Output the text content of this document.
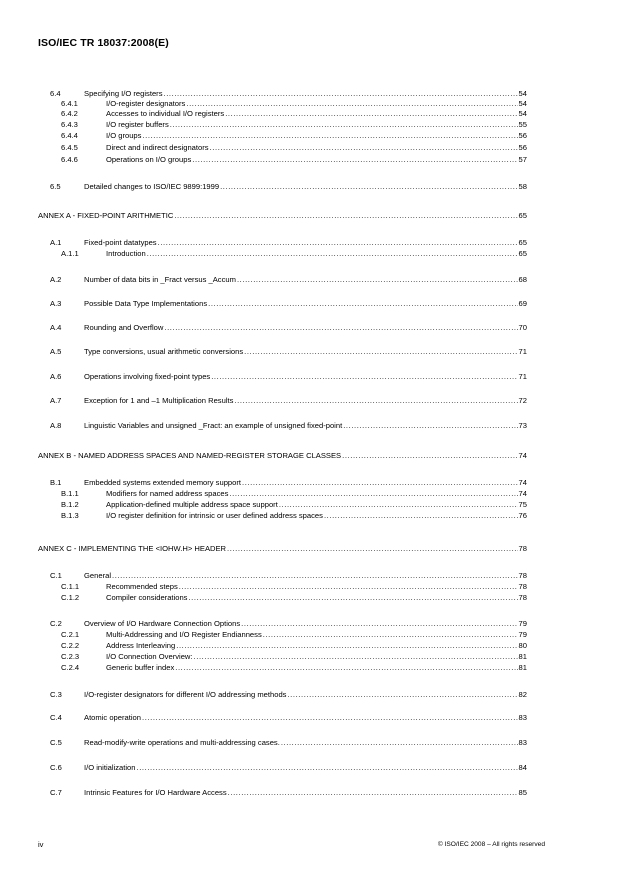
ISO/IEC TR 18037:2008(E)
6.4	Specifying I/O registers .....	54
6.4.1	I/O-register designators .....	54
6.4.2	Accesses to individual I/O registers .....	54
6.4.3	I/O register buffers .....	55
6.4.4	I/O groups .....	56
6.4.5	Direct and indirect designators .....	56
6.4.6	Operations on I/O groups .....	57
6.5	Detailed changes to ISO/IEC 9899:1999 .....	58
ANNEX A - FIXED-POINT ARITHMETIC .....	65
A.1	Fixed-point datatypes .....	65
A.1.1	Introduction .....	65
A.2	Number of data bits in _Fract versus _Accum .....	68
A.3	Possible Data Type Implementations .....	69
A.4	Rounding and Overflow .....	70
A.5	Type conversions, usual arithmetic conversions .....	71
A.6	Operations involving fixed-point types .....	71
A.7	Exception for 1 and –1 Multiplication Results .....	72
A.8	Linguistic Variables and unsigned _Fract: an example of unsigned fixed-point .....	73
ANNEX B - NAMED ADDRESS SPACES AND NAMED-REGISTER STORAGE CLASSES .....	74
B.1	Embedded systems extended memory support .....	74
B.1.1	Modifiers for named address spaces .....	74
B.1.2	Application-defined multiple address space support .....	75
B.1.3	I/O register definition for intrinsic or user defined address spaces .....	76
ANNEX C - IMPLEMENTING THE <IOHW.H> HEADER .....	78
C.1	General .....	78
C.1.1	Recommended steps .....	78
C.1.2	Compiler considerations .....	78
C.2	Overview of I/O Hardware Connection Options .....	79
C.2.1	Multi-Addressing and I/O Register Endianness .....	79
C.2.2	Address Interleaving .....	80
C.2.3	I/O Connection Overview: .....	81
C.2.4	Generic buffer index .....	81
C.3	I/O-register designators for different I/O addressing methods .....	82
C.4	Atomic operation .....	83
C.5	Read-modify-write operations and multi-addressing cases. .....	83
C.6	I/O initialization .....	84
C.7	Intrinsic Features for I/O Hardware Access .....	85
iv	© ISO/IEC 2008 – All rights reserved
